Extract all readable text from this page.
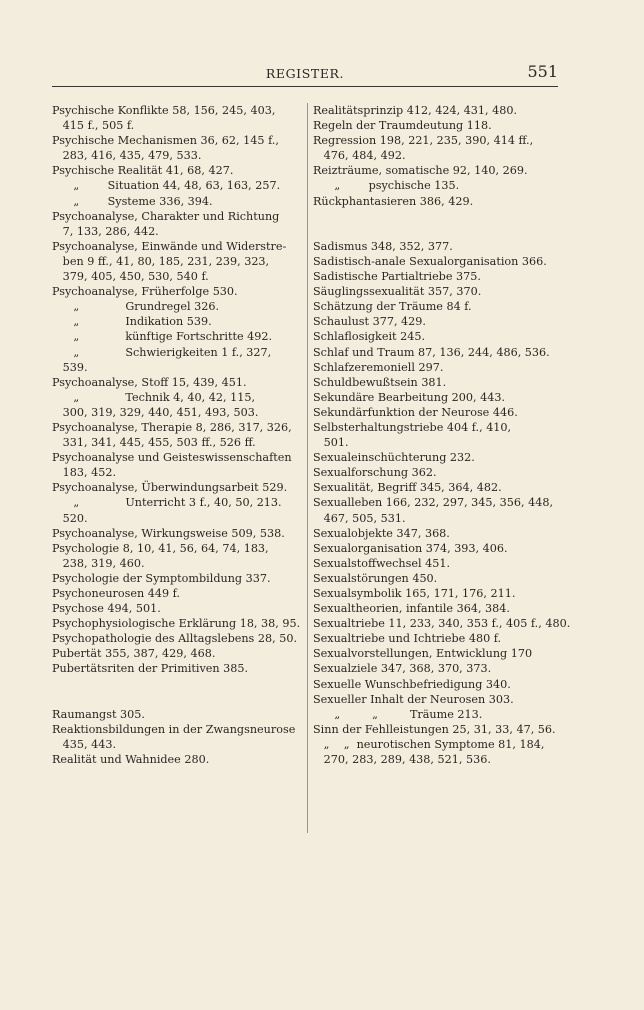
REGISTER.	551
Psychische Konflikte 58, 156, 245, 403,
415 f., 505 f.
Psychische Mechanismen 36, 62, 145 f.,
283, 416, 435, 479, 533.
Psychische Realität 41, 68, 427.
„        Situation 44, 48, 63, 163, 257.
„        Systeme 336, 394.
Psychoanalyse, Charakter und Richtung
7, 133, 286, 442.
Psychoanalyse, Einwände und Widerstre-
ben 9 ff., 41, 80, 185, 231, 239, 323,
379, 405, 450, 530, 540 f.
Psychoanalyse, Früherfolge 530.
„             Grundregel 326.
„             Indikation 539.
„             künftige Fortschritte 492.
„             Schwierigkeiten 1 f., 327,
539.
Psychoanalyse, Stoff 15, 439, 451.
„             Technik 4, 40, 42, 115,
300, 319, 329, 440, 451, 493, 503.
Psychoanalyse, Therapie 8, 286, 317, 326,
331, 341, 445, 455, 503 ff., 526 ff.
Psychoanalyse und Geisteswissenschaften
183, 452.
Psychoanalyse, Überwindungsarbeit 529.
„             Unterricht 3 f., 40, 50, 213.
520.
Psychoanalyse, Wirkungsweise 509, 538.
Psychologie 8, 10, 41, 56, 64, 74, 183,
238, 319, 460.
Psychologie der Symptombildung 337.
Psychoneurosen 449 f.
Psychose 494, 501.
Psychophysiologische Erklärung 18, 38, 95.
Psychopathologie des Alltagslebens 28, 50.
Pubertät 355, 387, 429, 468.
Pubertätsriten der Primitiven 385.
Raumangst 305.
Reaktionsbildungen in der Zwangsneurose
435, 443.
Realität und Wahnidee 280.
Realitätsprinzip 412, 424, 431, 480.
Regeln der Traumdeutung 118.
Regression 198, 221, 235, 390, 414 ff.,
476, 484, 492.
Reizträume, somatische 92, 140, 269.
„        psychische 135.
Rückphantasieren 386, 429.
Sadismus 348, 352, 377.
Sadistisch-anale Sexualorganisation 366.
Sadistische Partialtriebe 375.
Säuglingssexualität 357, 370.
Schätzung der Träume 84 f.
Schaulust 377, 429.
Schlaflosigkeit 245.
Schlaf und Traum 87, 136, 244, 486, 536.
Schlafzeremoniell 297.
Schuldbewußtsein 381.
Sekundäre Bearbeitung 200, 443.
Sekundärfunktion der Neurose 446.
Selbsterhaltungstriebe 404 f., 410,
501.
Sexualeinschüchterung 232.
Sexualforschung 362.
Sexualität, Begriff 345, 364, 482.
Sexualleben 166, 232, 297, 345, 356, 448,
467, 505, 531.
Sexualobjekte 347, 368.
Sexualorganisation 374, 393, 406.
Sexualstoffwechsel 451.
Sexualstörungen 450.
Sexualsymbolik 165, 171, 176, 211.
Sexualtheorien, infantile 364, 384.
Sexualtriebe 11, 233, 340, 353 f., 405 f., 480.
Sexualtriebe und Ichtriebe 480 f.
Sexualvorstellungen, Entwicklung 170
Sexualziele 347, 368, 370, 373.
Sexuelle Wunschbefriedigung 340.
Sexueller Inhalt der Neurosen 303.
„         „         Träume 213.
Sinn der Fehlleistungen 25, 31, 33, 47, 56.
„    „  neurotischen Symptome 81, 184,
270, 283, 289, 438, 521, 536.
